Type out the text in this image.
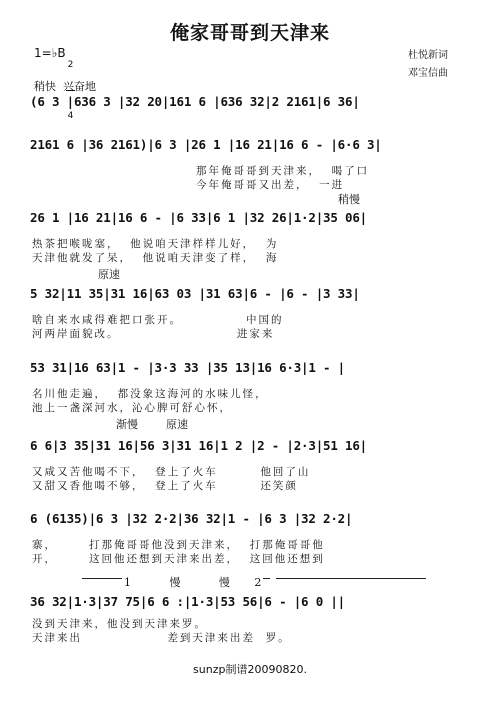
俺家哥哥到天津来
1=♭B

2

4

杜悦新词
邓宝信曲
稍快  兴奋地
(6 3 |636 3 |32 20|161 6 |636 32|2 2161|6 36|
2161 6 |36 2161)|6 3 |26 1 |16 21|16 6 - |6·6 3|
那年俺哥哥到天津来，  喝了口
今年俺哥哥又出差，  一进
稍慢
26 1 |16 21|16 6 - |6 33|6 1 |32 26|1·2|35 06|
热茶把喉咙塞，  他说咱天津样样儿好，  为
天津他就发了呆，  他说咱天津变了样，  海
原速
5 32|11 35|31 16|63 03 |31 63|6 - |6 - |3 33|
啥自来水咸得难把口张开。            中国的
河两岸面貌改。                      进家来
53 31|16 63|1 - |3·3 33 |35 13|16 6·3|1 - |
名川他走遍，  都没象这海河的水味儿怪，
池上一盏深河水，沁心脾可舒心怀，
渐慢        原速
6 6|3 35|31 16|56 3|31 16|1 2 |2 - |2·3|51 16|
又咸又苦他喝不下，  登上了火车        他回了山
又甜又香他喝不够，  登上了火车        还笑颜
6 (6135)|6 3 |32 2·2|36 32|1 - |6 3 |32 2·2|
寨，      打那俺哥哥他没到天津来，  打那俺哥哥他
开，      这回他还想到天津来出差，  这回他还想到
1           慢           慢       2
36 32|1·3|37 75|6 6 :|1·3|53 56|6 - |6 0 ||
没到天津来，他没到天津来罗。
天津来出                差到天津来出差  罗。
sunzp制谱20090820.
